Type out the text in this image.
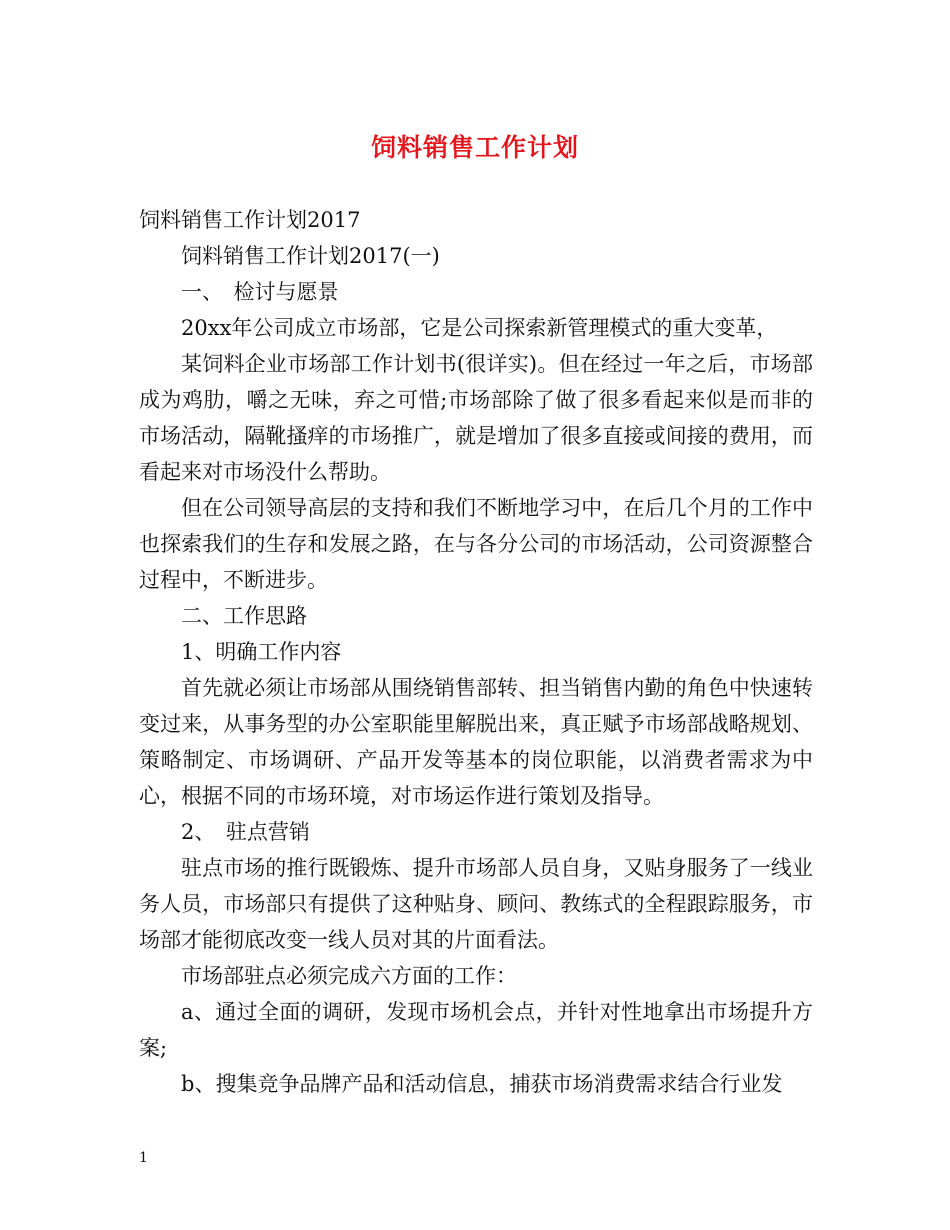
饲料销售工作计划

饲料销售工作计划2017

饲料销售工作计划2017(一)

一、　检讨与愿景

20xx年公司成立市场部，它是公司探索新管理模式的重大变革，

某饲料企业市场部工作计划书(很详实)。但在经过一年之后，市场部成为鸡肋，嚼之无味，弃之可惜;市场部除了做了很多看起来似是而非的市场活动，隔靴搔痒的市场推广，就是增加了很多直接或间接的费用，而看起来对市场没什么帮助。

但在公司领导高层的支持和我们不断地学习中，在后几个月的工作中也探索我们的生存和发展之路，在与各分公司的市场活动，公司资源整合过程中，不断进步。

二、工作思路

1、明确工作内容

首先就必须让市场部从围绕销售部转、担当销售内勤的角色中快速转变过来，从事务型的办公室职能里解脱出来，真正赋予市场部战略规划、策略制定、市场调研、产品开发等基本的岗位职能，以消费者需求为中心，根据不同的市场环境，对市场运作进行策划及指导。

2、　驻点营销

驻点市场的推行既锻炼、提升市场部人员自身，又贴身服务了一线业务人员，市场部只有提供了这种贴身、顾问、教练式的全程跟踪服务，市场部才能彻底改变一线人员对其的片面看法。

市场部驻点必须完成六方面的工作：

a、通过全面的调研，发现市场机会点，并针对性地拿出市场提升方案;

b、搜集竞争品牌产品和活动信息，捕获市场消费需求结合行业发

1
